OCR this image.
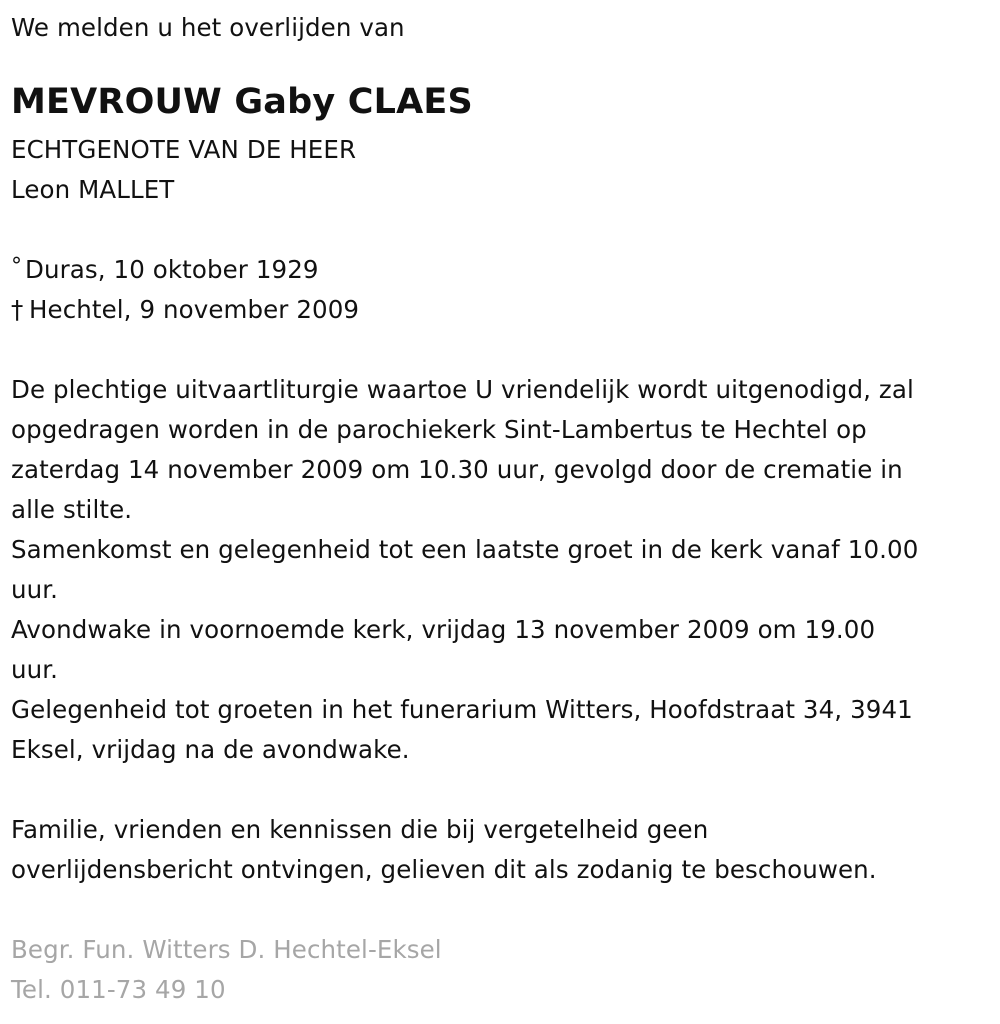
We melden u het overlijden van
MEVROUW Gaby CLAES
ECHTGENOTE VAN DE HEER
Leon MALLET
° Duras, 10 oktober 1929
† Hechtel, 9 november 2009
De plechtige uitvaartliturgie waartoe U vriendelijk wordt uitgenodigd, zal
opgedragen worden in de parochiekerk Sint-Lambertus te Hechtel op
zaterdag 14 november 2009 om 10.30 uur, gevolgd door de crematie in
alle stilte.
Samenkomst en gelegenheid tot een laatste groet in de kerk vanaf 10.00
uur.
Avondwake in voornoemde kerk, vrijdag 13 november 2009 om 19.00
uur.
Gelegenheid tot groeten in het funerarium Witters, Hoofdstraat 34, 3941
Eksel, vrijdag na de avondwake.
Familie, vrienden en kennissen die bij vergetelheid geen
overlijdensbericht ontvingen, gelieven dit als zodanig te beschouwen.
Begr. Fun. Witters D. Hechtel-Eksel
Tel. 011-73 49 10
